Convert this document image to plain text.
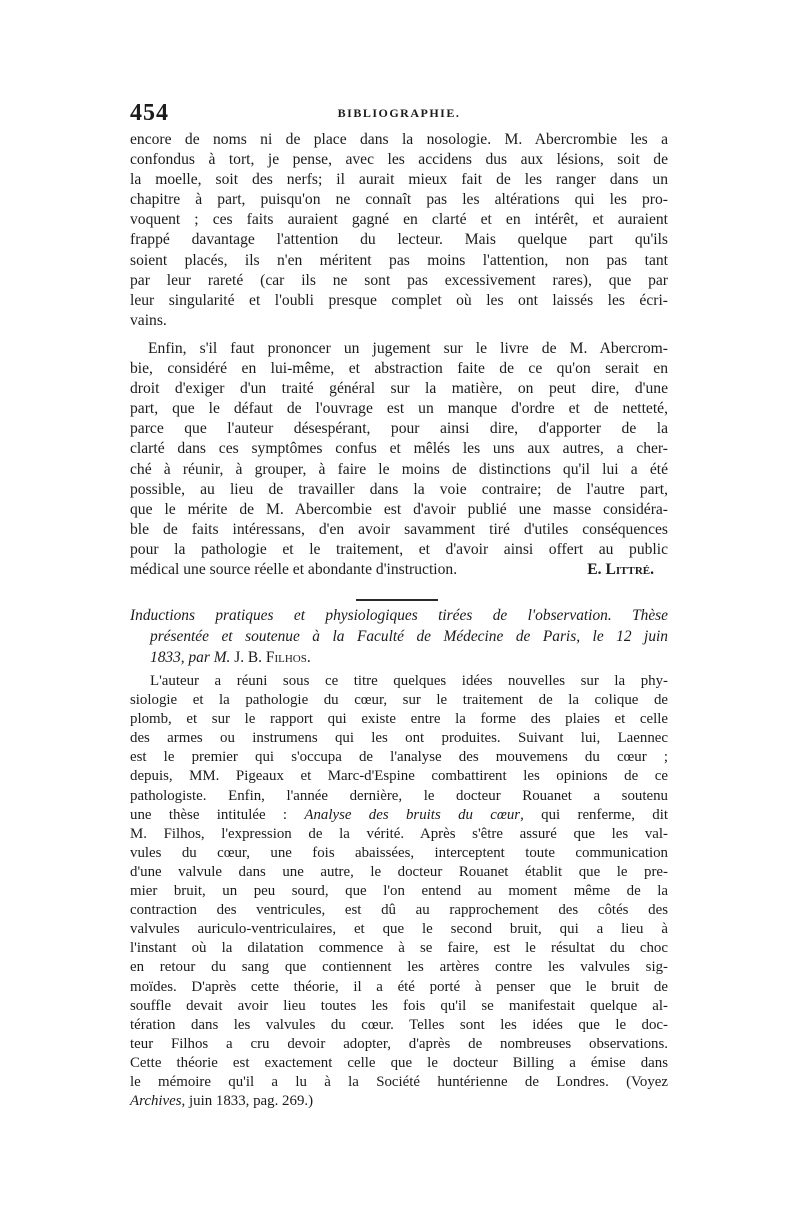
454	BIBLIOGRAPHIE.
encore de noms ni de place dans la nosologie. M. Abercrombie les a
confondus à tort, je pense, avec les accidens dus aux lésions, soit de
la moelle, soit des nerfs; il aurait mieux fait de les ranger dans un
chapitre à part, puisqu'on ne connaît pas les altérations qui les pro-
voquent ; ces faits auraient gagné en clarté et en intérêt, et auraient
frappé davantage l'attention du lecteur. Mais quelque part qu'ils
soient placés, ils n'en méritent pas moins l'attention, non pas tant
par leur rareté (car ils ne sont pas excessivement rares), que par
leur singularité et l'oubli presque complet où les ont laissés les écri-
vains.
Enfin, s'il faut prononcer un jugement sur le livre de M. Abercrom-
bie, considéré en lui-même, et abstraction faite de ce qu'on serait en
droit d'exiger d'un traité général sur la matière, on peut dire, d'une
part, que le défaut de l'ouvrage est un manque d'ordre et de netteté,
parce que l'auteur désespérant, pour ainsi dire, d'apporter de la
clarté dans ces symptômes confus et mêlés les uns aux autres, a cher-
ché à réunir, à grouper, à faire le moins de distinctions qu'il lui a été
possible, au lieu de travailler dans la voie contraire; de l'autre part,
que le mérite de M. Abercombie est d'avoir publié une masse considéra-
ble de faits intéressans, d'en avoir savamment tiré d'utiles conséquences
pour la pathologie et le traitement, et d'avoir ainsi offert au public
médical une source réelle et abondante d'instruction.	E. Littré.
Inductions pratiques et physiologiques tirées de l'observation. Thèse
présentée et soutenue à la Faculté de Médecine de Paris, le 12 juin
1833, par M. J. B. Filhos.
L'auteur a réuni sous ce titre quelques idées nouvelles sur la phy-
siologie et la pathologie du cœur, sur le traitement de la colique de
plomb, et sur le rapport qui existe entre la forme des plaies et celle
des armes ou instrumens qui les ont produites. Suivant lui, Laennec
est le premier qui s'occupa de l'analyse des mouvemens du cœur ;
depuis, MM. Pigeaux et Marc-d'Espine combattirent les opinions de ce
pathologiste. Enfin, l'année dernière, le docteur Rouanet a soutenu
une thèse intitulée : Analyse des bruits du cœur, qui renferme, dit
M. Filhos, l'expression de la vérité. Après s'être assuré que les val-
vules du cœur, une fois abaissées, interceptent toute communication
d'une valvule dans une autre, le docteur Rouanet établit que le pre-
mier bruit, un peu sourd, que l'on entend au moment même de la
contraction des ventricules, est dû au rapprochement des côtés des
valvules auriculo-ventriculaires, et que le second bruit, qui a lieu à
l'instant où la dilatation commence à se faire, est le résultat du choc
en retour du sang que contiennent les artères contre les valvules sig-
moïdes. D'après cette théorie, il a été porté à penser que le bruit de
souffle devait avoir lieu toutes les fois qu'il se manifestait quelque al-
tération dans les valvules du cœur. Telles sont les idées que le doc-
teur Filhos a cru devoir adopter, d'après de nombreuses observations.
Cette théorie est exactement celle que le docteur Billing a émise dans
le mémoire qu'il a lu à la Société huntérienne de Londres. (Voyez
Archives, juin 1833, pag. 269.)
